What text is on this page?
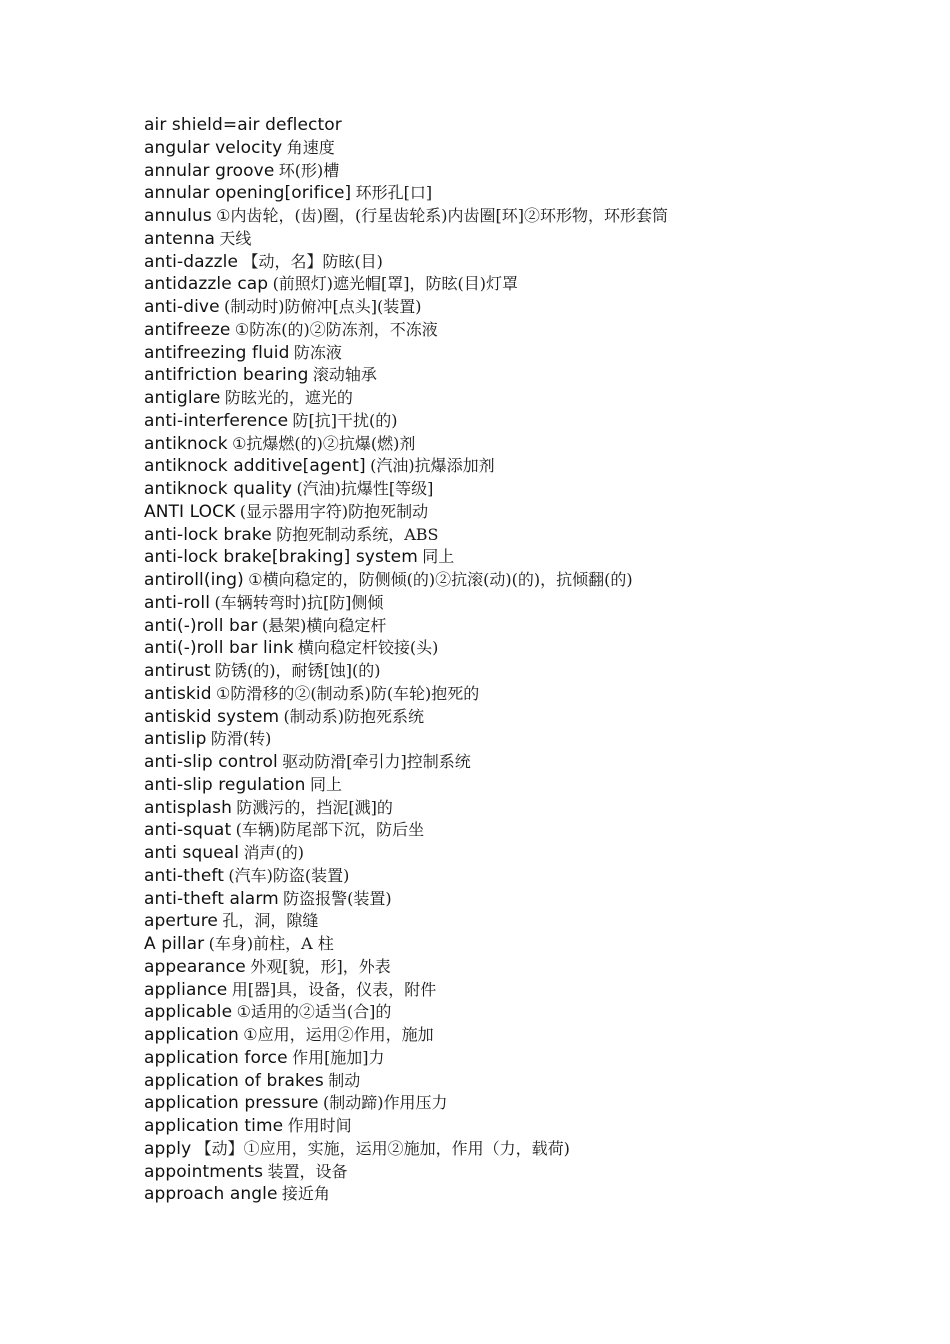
air shield=air deflector
angular velocity 角速度
annular groove 环(形)槽
annular opening[orifice] 环形孔[口]
annulus ①内齿轮，(齿)圈，(行星齿轮系)内齿圈[环]②环形物，环形套筒
antenna 天线
anti-dazzle 【动，名】防眩(目)
antidazzle cap (前照灯)遮光帽[罩]，防眩(目)灯罩
anti-dive (制动时)防俯冲[点头](装置)
antifreeze ①防冻(的)②防冻剂，不冻液
antifreezing fluid 防冻液
antifriction bearing 滚动轴承
antiglare 防眩光的，遮光的
anti-interference 防[抗]干扰(的)
antiknock ①抗爆燃(的)②抗爆(燃)剂
antiknock additive[agent] (汽油)抗爆添加剂
antiknock quality (汽油)抗爆性[等级]
ANTI LOCK (显示器用字符)防抱死制动
anti-lock brake 防抱死制动系统，ABS
anti-lock brake[braking] system 同上
antiroll(ing) ①横向稳定的，防侧倾(的)②抗滚(动)(的)，抗倾翻(的)
anti-roll (车辆转弯时)抗[防]侧倾
anti(-)roll bar (悬架)横向稳定杆
anti(-)roll bar link 横向稳定杆铰接(头)
antirust 防锈(的)，耐锈[蚀](的)
antiskid ①防滑移的②(制动系)防(车轮)抱死的
antiskid system (制动系)防抱死系统
antislip 防滑(转)
anti-slip control 驱动防滑[牵引力]控制系统
anti-slip regulation 同上
antisplash 防溅污的，挡泥[溅]的
anti-squat (车辆)防尾部下沉，防后坐
anti squeal 消声(的)
anti-theft (汽车)防盗(装置)
anti-theft alarm 防盗报警(装置)
aperture 孔，洞，隙缝
A pillar (车身)前柱，A 柱
appearance 外观[貌，形]，外表
appliance 用[器]具，设备，仪表，附件
applicable ①适用的②适当(合]的
application ①应用，运用②作用，施加
application force 作用[施加]力
application of brakes 制动
application pressure (制动蹄)作用压力
application time 作用时间
apply 【动】①应用，实施，运用②施加，作用（力，载荷)
appointments 装置，设备
approach angle 接近角
